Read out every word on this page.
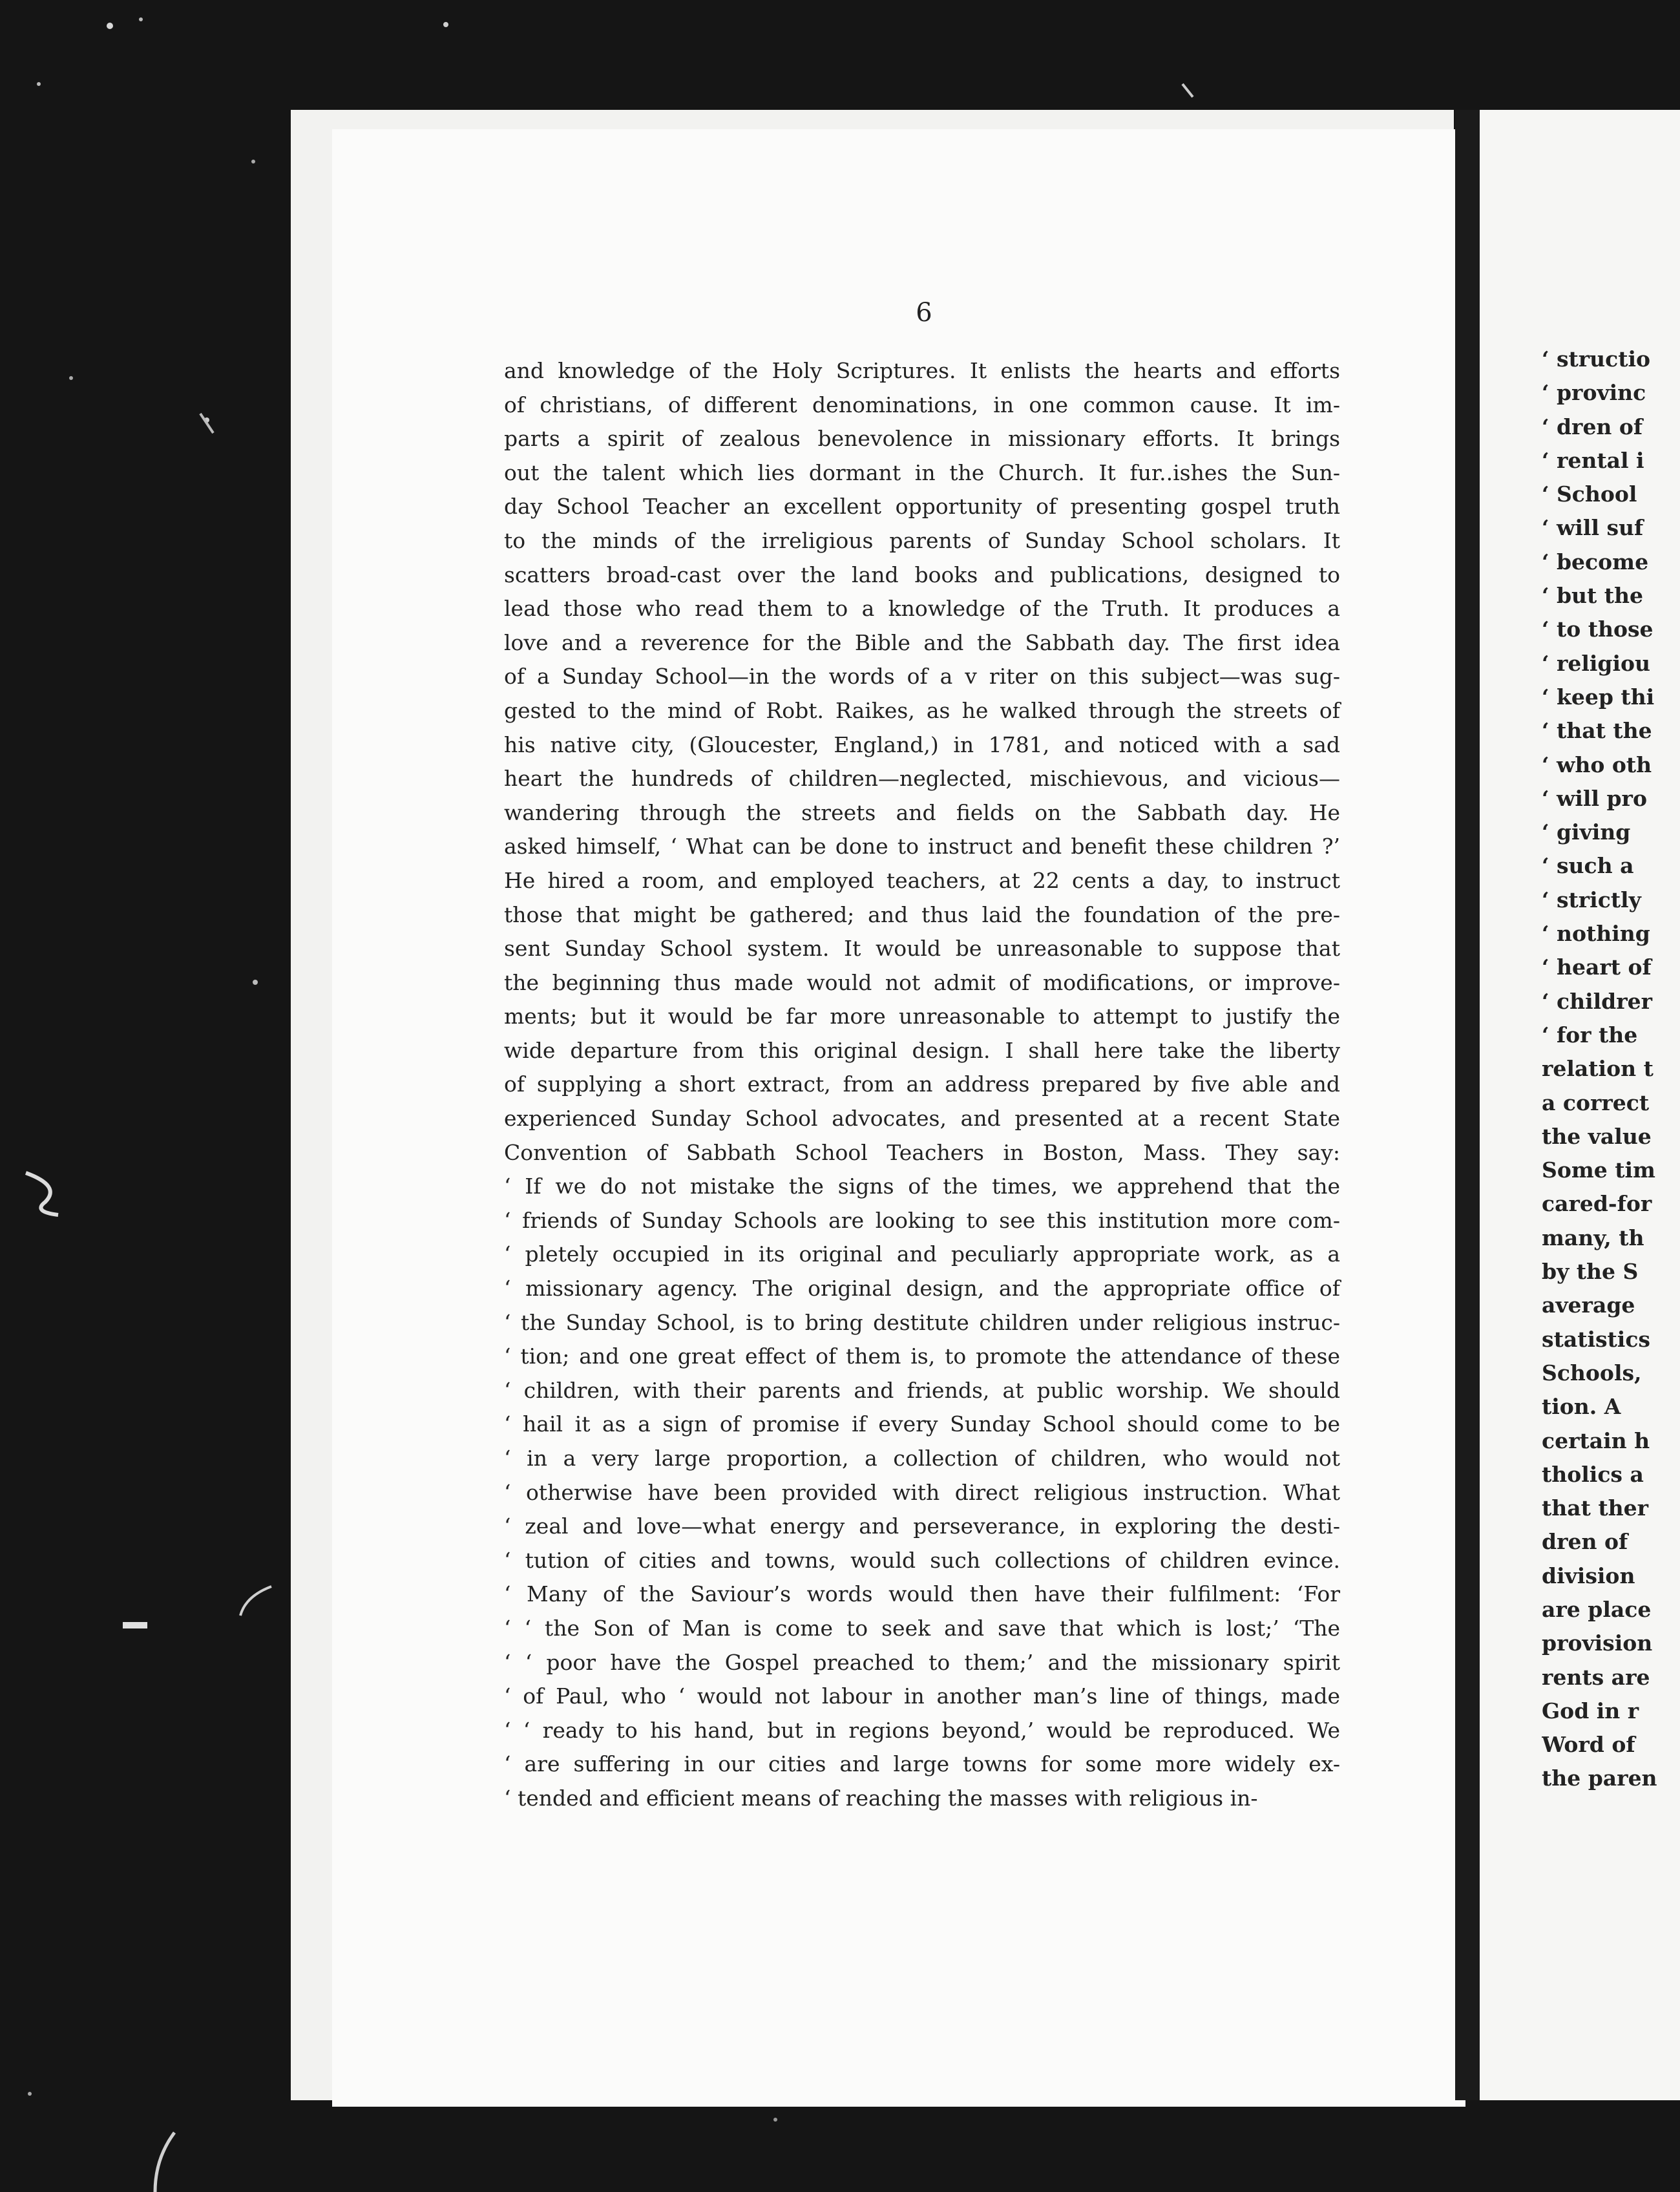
6
and knowledge of the Holy Scriptures. It enlists the hearts and efforts
of christians, of different denominations, in one common cause. It im-
parts a spirit of zealous benevolence in missionary efforts. It brings
out the talent which lies dormant in the Church. It fur..ishes the Sun-
day School Teacher an excellent opportunity of presenting gospel truth
to the minds of the irreligious parents of Sunday School scholars. It
scatters broad-cast over the land books and publications, designed to
lead those who read them to a knowledge of the Truth. It produces a
love and a reverence for the Bible and the Sabbath day. The first idea
of a Sunday School—in the words of a v riter on this subject—was sug-
gested to the mind of Robt. Raikes, as he walked through the streets of
his native city, (Gloucester, England,) in 1781, and noticed with a sad
heart the hundreds of children—neglected, mischievous, and vicious—
wandering through the streets and fields on the Sabbath day. He
asked himself, ‘ What can be done to instruct and benefit these children ?’
He hired a room, and employed teachers, at 22 cents a day, to instruct
those that might be gathered; and thus laid the foundation of the pre-
sent Sunday School system. It would be unreasonable to suppose that
the beginning thus made would not admit of modifications, or improve-
ments; but it would be far more unreasonable to attempt to justify the
wide departure from this original design. I shall here take the liberty
of supplying a short extract, from an address prepared by five able and
experienced Sunday School advocates, and presented at a recent State
Convention of Sabbath School Teachers in Boston, Mass. They say:
‘ If we do not mistake the signs of the times, we apprehend that the
‘ friends of Sunday Schools are looking to see this institution more com-
‘ pletely occupied in its original and peculiarly appropriate work, as a
‘ missionary agency. The original design, and the appropriate office of
‘ the Sunday School, is to bring destitute children under religious instruc-
‘ tion; and one great effect of them is, to promote the attendance of these
‘ children, with their parents and friends, at public worship. We should
‘ hail it as a sign of promise if every Sunday School should come to be
‘ in a very large proportion, a collection of children, who would not
‘ otherwise have been provided with direct religious instruction. What
‘ zeal and love—what energy and perseverance, in exploring the desti-
‘ tution of cities and towns, would such collections of children evince.
‘ Many of the Saviour’s words would then have their fulfilment: ‘For
‘ ‘ the Son of Man is come to seek and save that which is lost;’ ‘The
‘ ‘ poor have the Gospel preached to them;’ and the missionary spirit
‘ of Paul, who ‘ would not labour in another man’s line of things, made
‘ ‘ ready to his hand, but in regions beyond,’ would be reproduced. We
‘ are suffering in our cities and large towns for some more widely ex-
‘ tended and efficient means of reaching the masses with religious in-
‘ structio
‘ provinc
‘ dren of
‘ rental i
‘ School
‘ will suf
‘ become
‘ but the
‘ to those
‘ religiou
‘ keep thi
‘ that the
‘ who oth
‘ will pro
‘ giving
‘ such a
‘ strictly
‘ nothing
‘ heart of
‘ childrer
‘ for the
relation t
a correct
the value
Some tim
cared-for
many, th
by the S
average
statistics
Schools,
tion. A
certain h
tholics a
that ther
dren of
division
are place
provision
rents are
God in r
Word of
the paren
